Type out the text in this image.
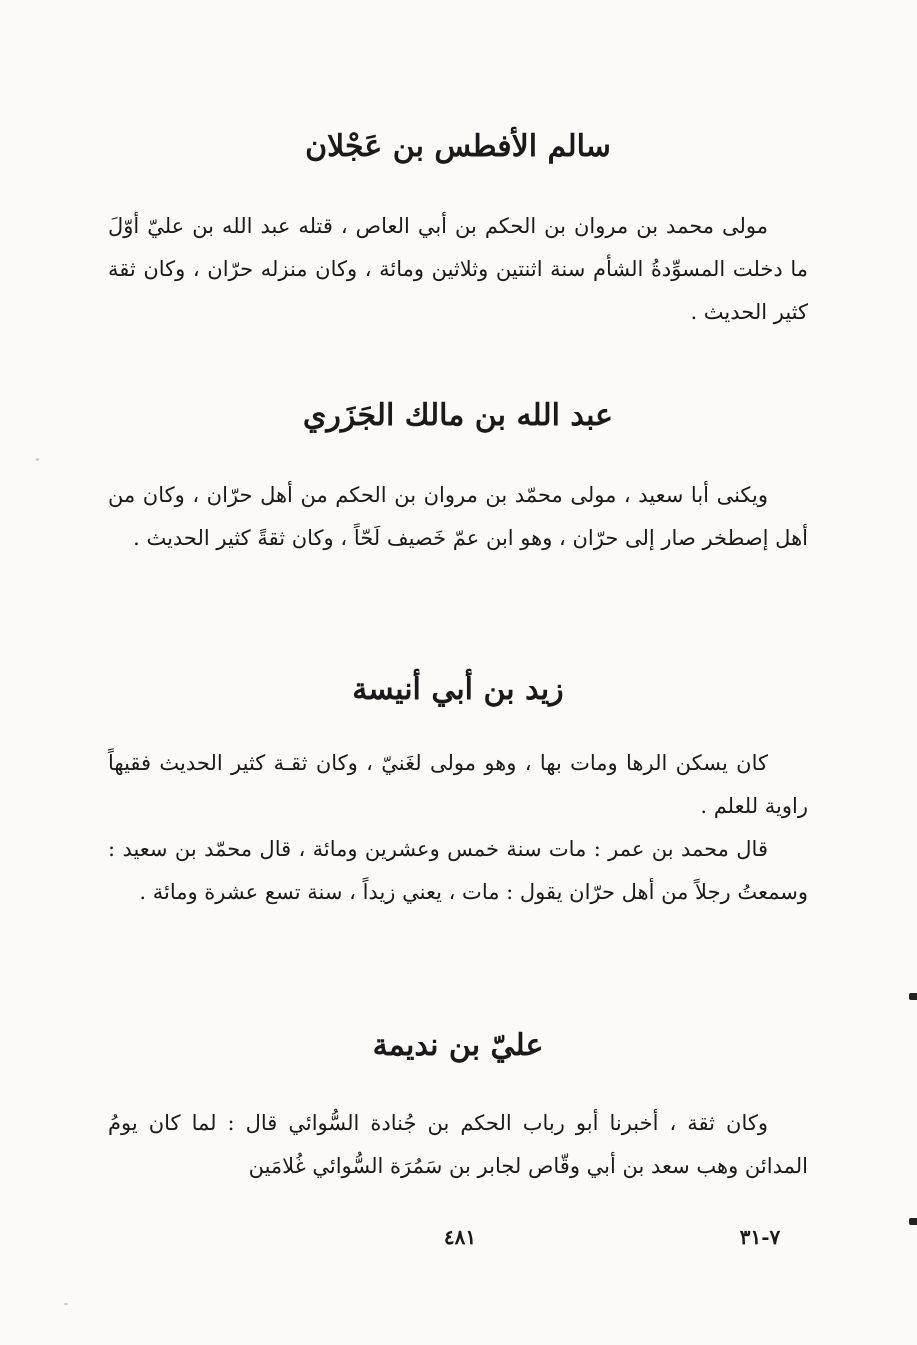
سالم الأفطس بن عَجْلان

مولى محمد بن مروان بن الحكم بن أبي العاص ، قتله عبد الله بن عليّ أوّلَ ما دخلت المسوِّدةُ الشأم سنة اثنتين وثلاثين ومائة ، وكان منزله حرّان ، وكان ثقة كثير الحديث .

عبد الله بن مالك الجَزَري

ويكنى أبا سعيد ، مولى محمّد بن مروان بن الحكم من أهل حرّان ، وكان من أهل إصطخر صار إلى حرّان ، وهو ابن عمّ خَصيف لَحّاً ، وكان ثقةً كثير الحديث .

زيد بن أبي أنيسة

كان يسكن الرها ومات بها ، وهو مولى لغَنيّ ، وكان ثقـة كثير الحديث فقيهاً راوية للعلم .

قال محمد بن عمر : مات سنة خمس وعشرين ومائة ، قال محمّد بن سعيد : وسمعتُ رجلاً من أهل حرّان يقول : مات ، يعني زيداً ، سنة تسع عشرة ومائة .

عليّ بن نديمة

وكان ثقة ، أخبرنا أبو رباب الحكم بن جُنادة السُّوائي قال : لما كان يومُ المدائن وهب سعد بن أبي وقّاص لجابر بن سَمُرَة السُّوائي غُلامَين

٤٨١	٧-٣١
